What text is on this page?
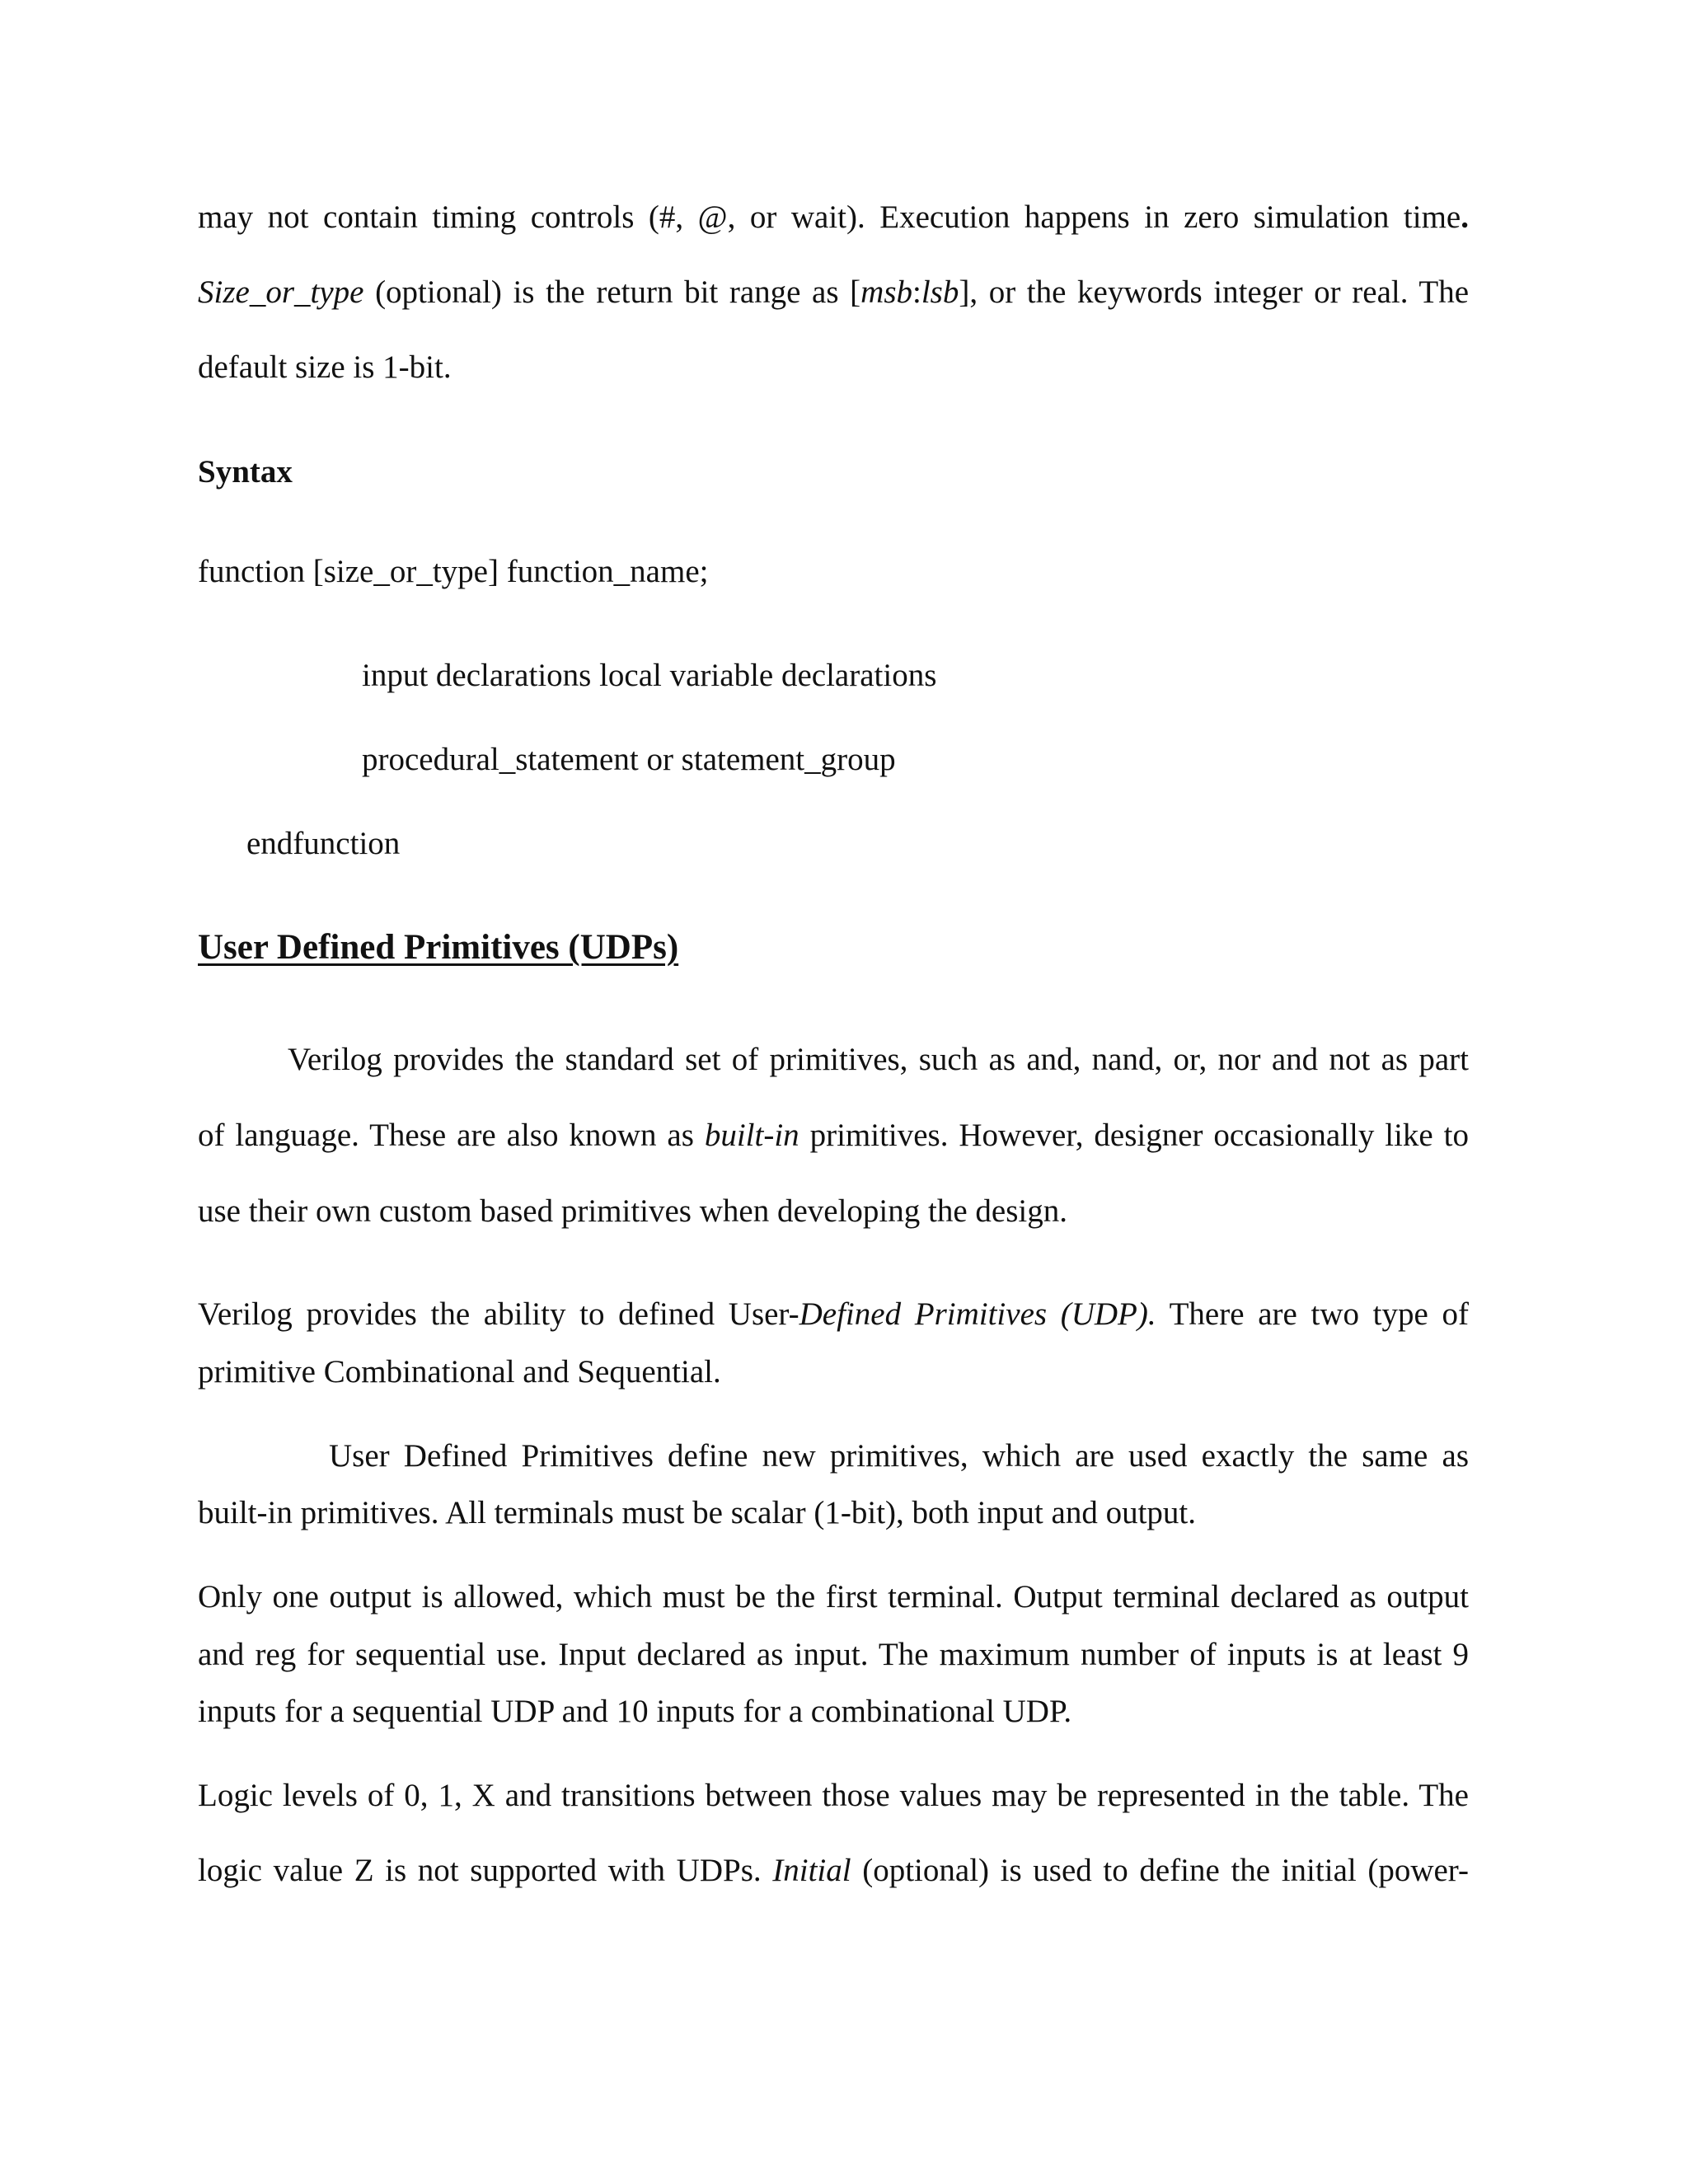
may not contain timing controls (#, @, or wait). Execution happens in zero simulation time.
Size_or_type (optional) is the return bit range as [msb:lsb], or the keywords integer or real. The
default size is 1-bit.
Syntax
function [size_or_type] function_name;
input declarations local variable declarations
procedural_statement or statement_group
endfunction
User Defined Primitives (UDPs)
Verilog provides the standard set of primitives, such as and, nand, or, nor and not as part
of language. These are also known as built-in primitives. However, designer occasionally like to
use their own custom based primitives when developing the design.
Verilog provides the ability to defined User-Defined Primitives (UDP). There are two type of
primitive Combinational and Sequential.
User Defined Primitives define new primitives, which are used exactly the same as
built-in primitives. All terminals must be scalar (1-bit), both input and output.
Only one output is allowed, which must be the first terminal. Output terminal declared as output
and reg for sequential use. Input declared as input. The maximum number of inputs is at least 9
inputs for a sequential UDP and 10 inputs for a combinational UDP.
Logic levels of 0, 1, X and transitions between those values may be represented in the table. The
logic value Z is not supported with UDPs. Initial (optional) is used to define the initial (power-
